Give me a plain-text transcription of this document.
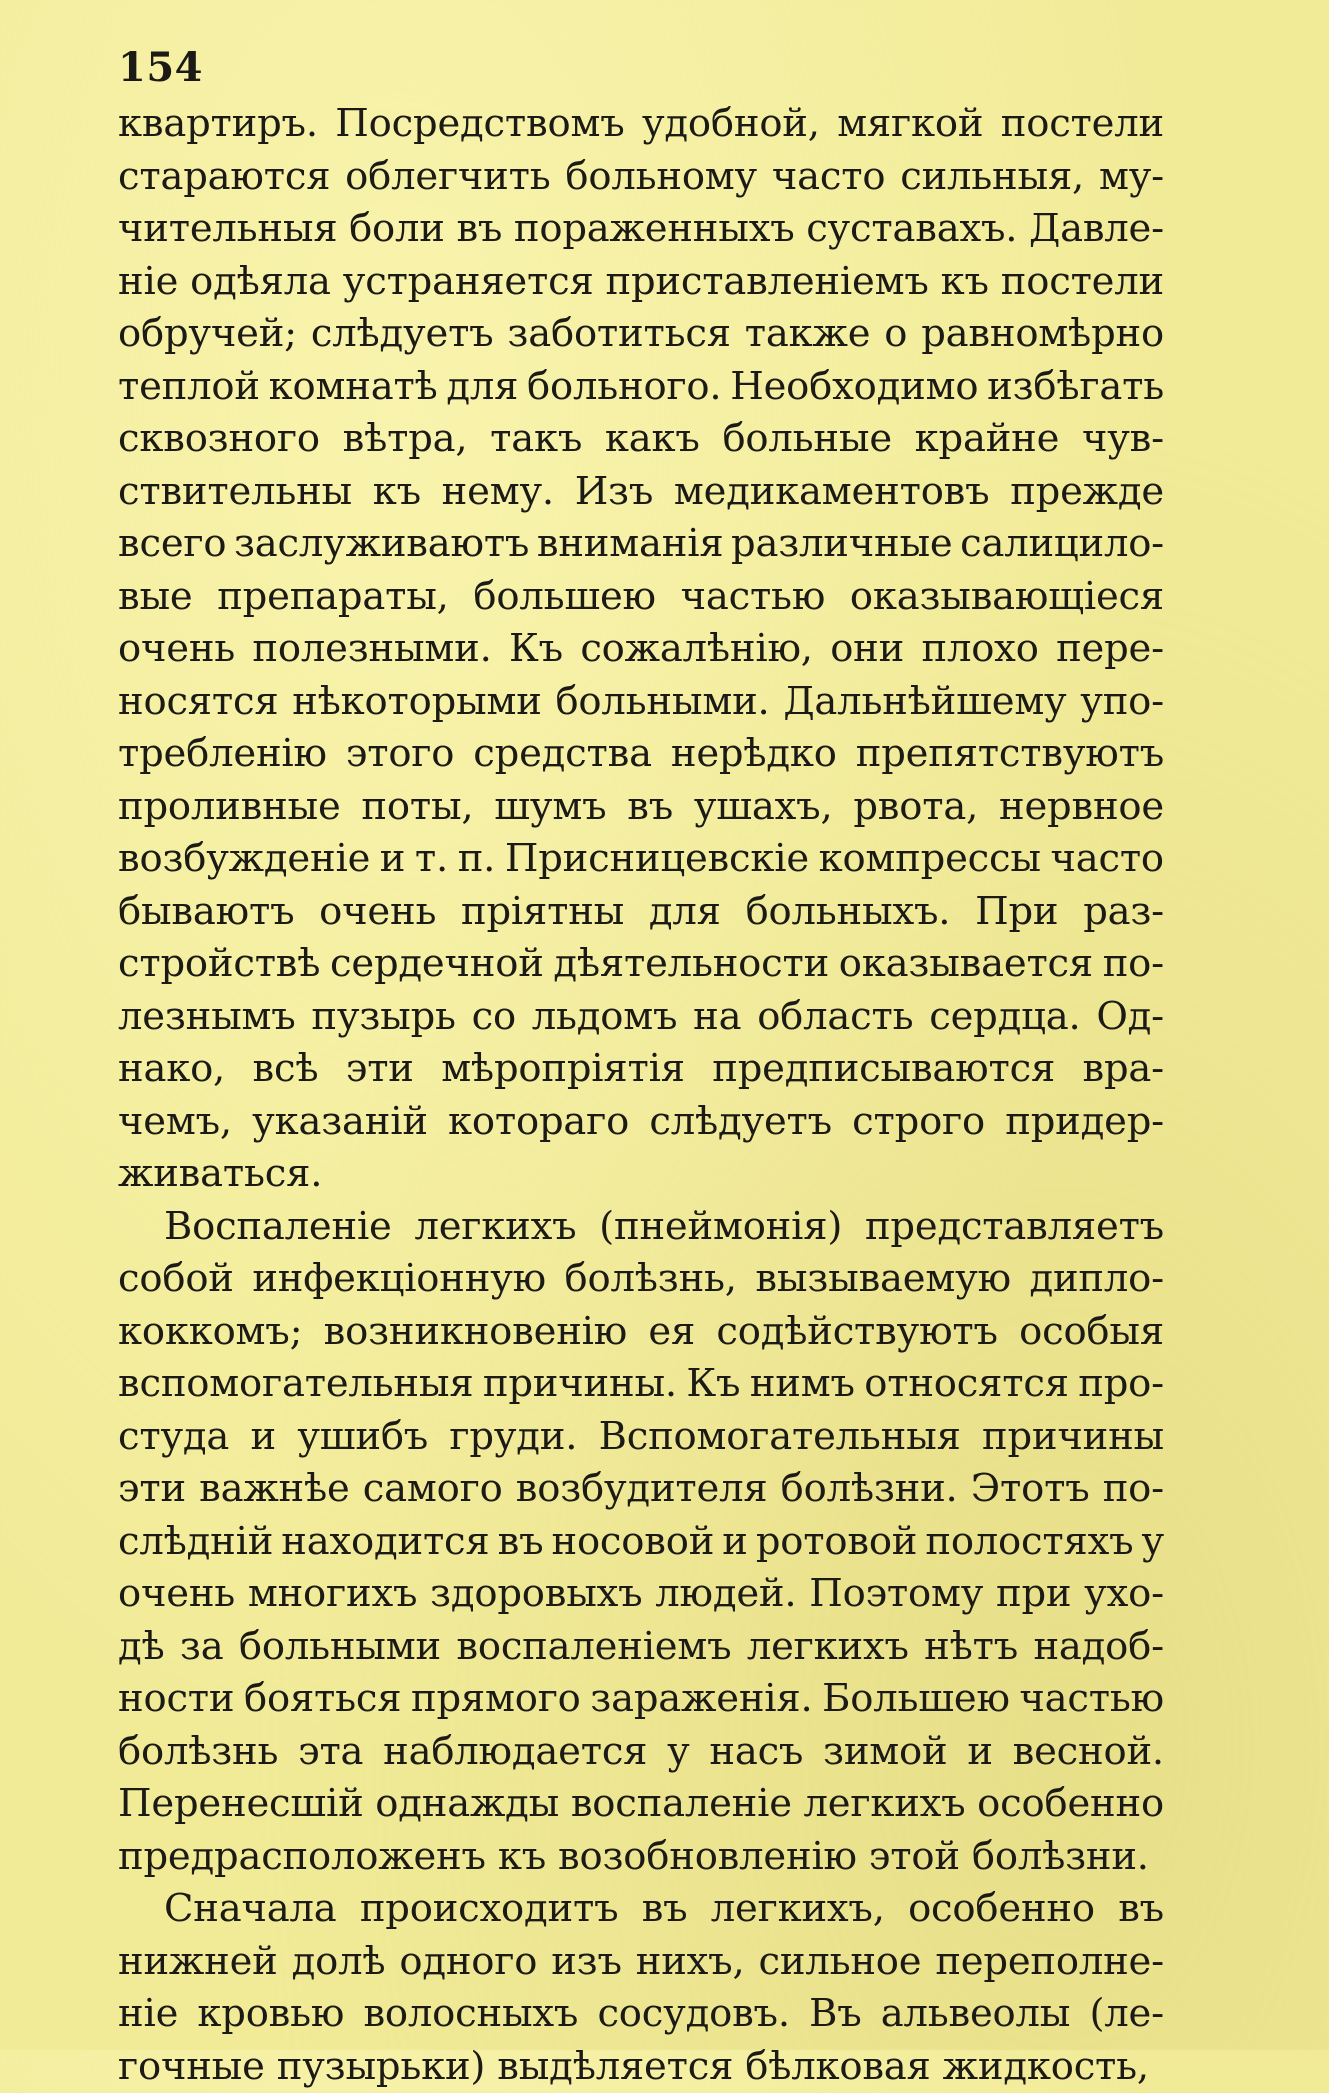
154
квартиръ. Посредствомъ удобной, мягкой постели
стараются облегчить больному часто сильныя, му-
чительныя боли въ пораженныхъ суставахъ. Давле-
ніе одѣяла устраняется приставленіемъ къ постели
обручей; слѣдуетъ заботиться также о равномѣрно
теплой комнатѣ для больного. Необходимо избѣгать
сквозного вѣтра, такъ какъ больные крайне чув-
ствительны къ нему. Изъ медикаментовъ прежде
всего заслуживаютъ вниманія различные салицило-
вые препараты, большею частью оказывающіеся
очень полезными. Къ сожалѣнію, они плохо пере-
носятся нѣкоторыми больными. Дальнѣйшему упо-
требленію этого средства нерѣдко препятствуютъ
проливные поты, шумъ въ ушахъ, рвота, нервное
возбужденіе и т. п. Присницевскіе компрессы часто
бываютъ очень пріятны для больныхъ. При раз-
стройствѣ сердечной дѣятельности оказывается по-
лезнымъ пузырь со льдомъ на область сердца. Од-
нако, всѣ эти мѣропріятія предписываются вра-
чемъ, указаній котораго слѣдуетъ строго придер-
живаться.
Воспаленіе легкихъ (пнеймонія) представляетъ
собой инфекціонную болѣзнь, вызываемую дипло-
коккомъ; возникновенію ея содѣйствуютъ особыя
вспомогательныя причины. Къ нимъ относятся про-
студа и ушибъ груди. Вспомогательныя причины
эти важнѣе самого возбудителя болѣзни. Этотъ по-
слѣдній находится въ носовой и ротовой полостяхъ у
очень многихъ здоровыхъ людей. Поэтому при ухо-
дѣ за больными воспаленіемъ легкихъ нѣтъ надоб-
ности бояться прямого зараженія. Большею частью
болѣзнь эта наблюдается у насъ зимой и весной.
Перенесшій однажды воспаленіе легкихъ особенно
предрасположенъ къ возобновленію этой болѣзни.
Сначала происходитъ въ легкихъ, особенно въ
нижней долѣ одного изъ нихъ, сильное переполне-
ніе кровью волосныхъ сосудовъ. Въ альвеолы (ле-
гочные пузырьки) выдѣляется бѣлковая жидкость,
